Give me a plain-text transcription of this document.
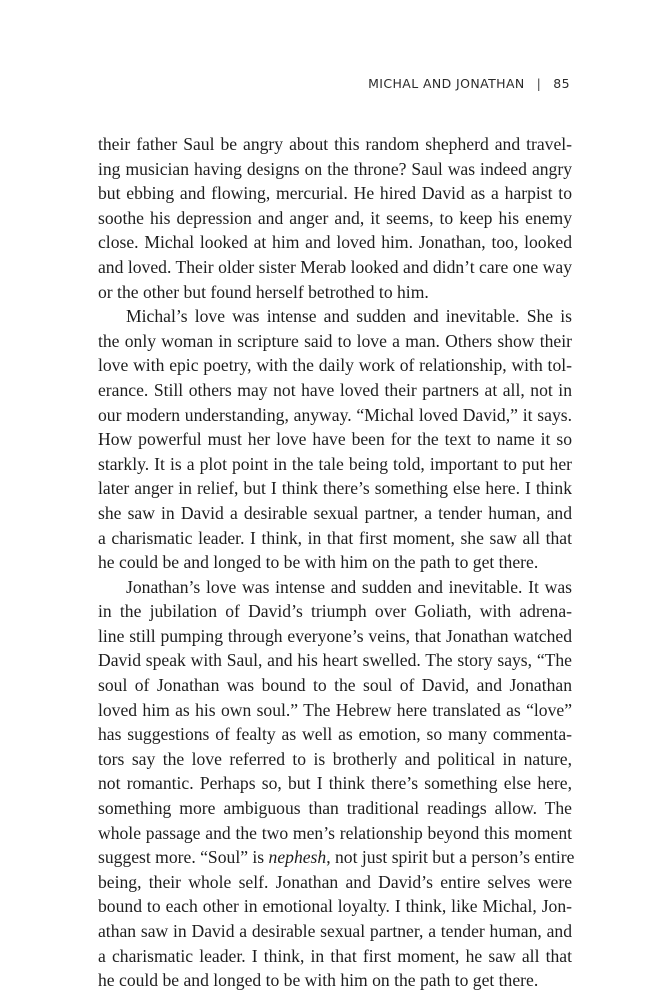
MICHAL AND JONATHAN | 85
their father Saul be angry about this random shepherd and travel-
ing musician having designs on the throne? Saul was indeed angry
but ebbing and flowing, mercurial. He hired David as a harpist to
soothe his depression and anger and, it seems, to keep his enemy
close. Michal looked at him and loved him. Jonathan, too, looked
and loved. Their older sister Merab looked and didn’t care one way
or the other but found herself betrothed to him.
Michal’s love was intense and sudden and inevitable. She is
the only woman in scripture said to love a man. Others show their
love with epic poetry, with the daily work of relationship, with tol-
erance. Still others may not have loved their partners at all, not in
our modern understanding, anyway. “Michal loved David,” it says.
How powerful must her love have been for the text to name it so
starkly. It is a plot point in the tale being told, important to put her
later anger in relief, but I think there’s something else here. I think
she saw in David a desirable sexual partner, a tender human, and
a charismatic leader. I think, in that first moment, she saw all that
he could be and longed to be with him on the path to get there.
Jonathan’s love was intense and sudden and inevitable. It was
in the jubilation of David’s triumph over Goliath, with adrena-
line still pumping through everyone’s veins, that Jonathan watched
David speak with Saul, and his heart swelled. The story says, “The
soul of Jonathan was bound to the soul of David, and Jonathan
loved him as his own soul.” The Hebrew here translated as “love”
has suggestions of fealty as well as emotion, so many commenta-
tors say the love referred to is brotherly and political in nature,
not romantic. Perhaps so, but I think there’s something else here,
something more ambiguous than traditional readings allow. The
whole passage and the two men’s relationship beyond this moment
suggest more. “Soul” is nephesh, not just spirit but a person’s entire
being, their whole self. Jonathan and David’s entire selves were
bound to each other in emotional loyalty. I think, like Michal, Jon-
athan saw in David a desirable sexual partner, a tender human, and
a charismatic leader. I think, in that first moment, he saw all that
he could be and longed to be with him on the path to get there.
